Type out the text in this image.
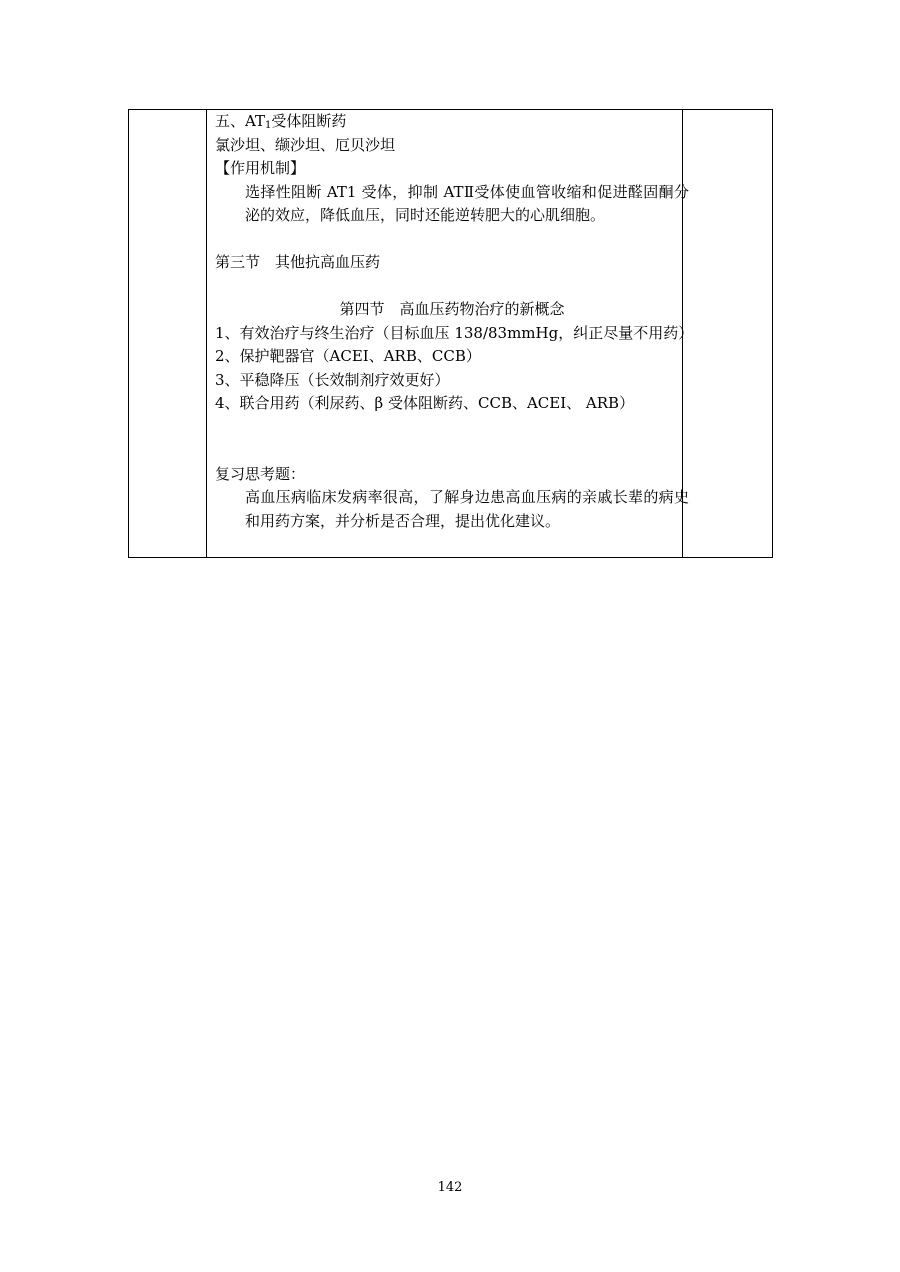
五、$AT_1$受体阻断药
氯沙坦、缬沙坦、厄贝沙坦
【作用机制】
选择性阻断 AT1 受体，抑制 ATⅡ受体使血管收缩和促进醛固酮分泌的效应，降低血压，同时还能逆转肥大的心肌细胞。
第三节　其他抗高血压药
第四节　高血压药物治疗的新概念
1、有效治疗与终生治疗（目标血压 138/83mmHg，纠正尽量不用药）
2、保护靶器官（ACEI、ARB、CCB）
3、平稳降压（长效制剂疗效更好）
4、联合用药（利尿药、β 受体阻断药、CCB、ACEI、 ARB）
复习思考题：
高血压病临床发病率很高，了解身边患高血压病的亲戚长辈的病史和用药方案，并分析是否合理，提出优化建议。
142
